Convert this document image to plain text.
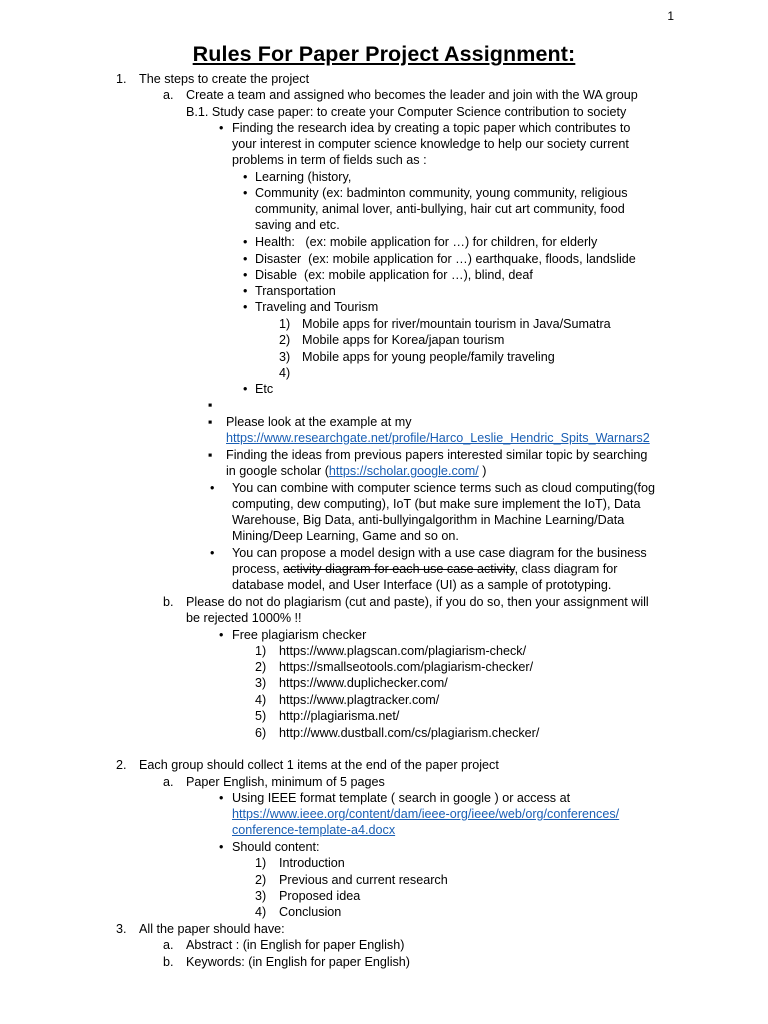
1
Rules For Paper Project Assignment:
1. The steps to create the project
a. Create a team and assigned who becomes the leader and join with the WA group
B.1. Study case paper: to create your Computer Science contribution to society
•
Finding the research idea by creating a topic paper which contributes to
your interest in computer science knowledge to help our society current
problems in term of fields such as :
•
Learning (history,
•
Community (ex: badminton community, young community, religious
community, animal lover, anti-bullying, hair cut art community, food
saving and etc.
•
Health:   (ex: mobile application for …) for children, for elderly
•
Disaster  (ex: mobile application for …) earthquake, floods, landslide
•
Disable  (ex: mobile application for …), blind, deaf
•
Transportation
•
Traveling and Tourism
1) Mobile apps for river/mountain tourism in Java/Sumatra
2) Mobile apps for Korea/japan tourism
3) Mobile apps for young people/family traveling
4)
•
Etc
▪
▪
Please look at the example at my
https://www.researchgate.net/profile/Harco_Leslie_Hendric_Spits_Warnars2
▪
Finding the ideas from previous papers interested similar topic by searching
in google scholar (https://scholar.google.com/ )
•
You can combine with computer science terms such as cloud computing(fog
computing, dew computing), IoT (but make sure implement the IoT), Data
Warehouse, Big Data, anti-bullyingalgorithm in Machine Learning/Data
Mining/Deep Learning, Game and so on.
•
You can propose a model design with a use case diagram for the business
process, activity diagram for each use case activity, class diagram for
database model, and User Interface (UI) as a sample of prototyping.
b. Please do not do plagiarism (cut and paste), if you do so, then your assignment will
be rejected 1000% !!
•
Free plagiarism checker
1) https://www.plagscan.com/plagiarism-check/
2) https://smallseotools.com/plagiarism-checker/
3) https://www.duplichecker.com/
4) https://www.plagtracker.com/
5) http://plagiarisma.net/
6) http://www.dustball.com/cs/plagiarism.checker/
2. Each group should collect 1 items at the end of the paper project
a. Paper English, minimum of 5 pages
•
Using IEEE format template ( search in google ) or access at
https://www.ieee.org/content/dam/ieee-org/ieee/web/org/conferences/
conference-template-a4.docx
•
Should content:
1) Introduction
2) Previous and current research
3) Proposed idea
4) Conclusion
3. All the paper should have:
a. Abstract : (in English for paper English)
b. Keywords: (in English for paper English)
